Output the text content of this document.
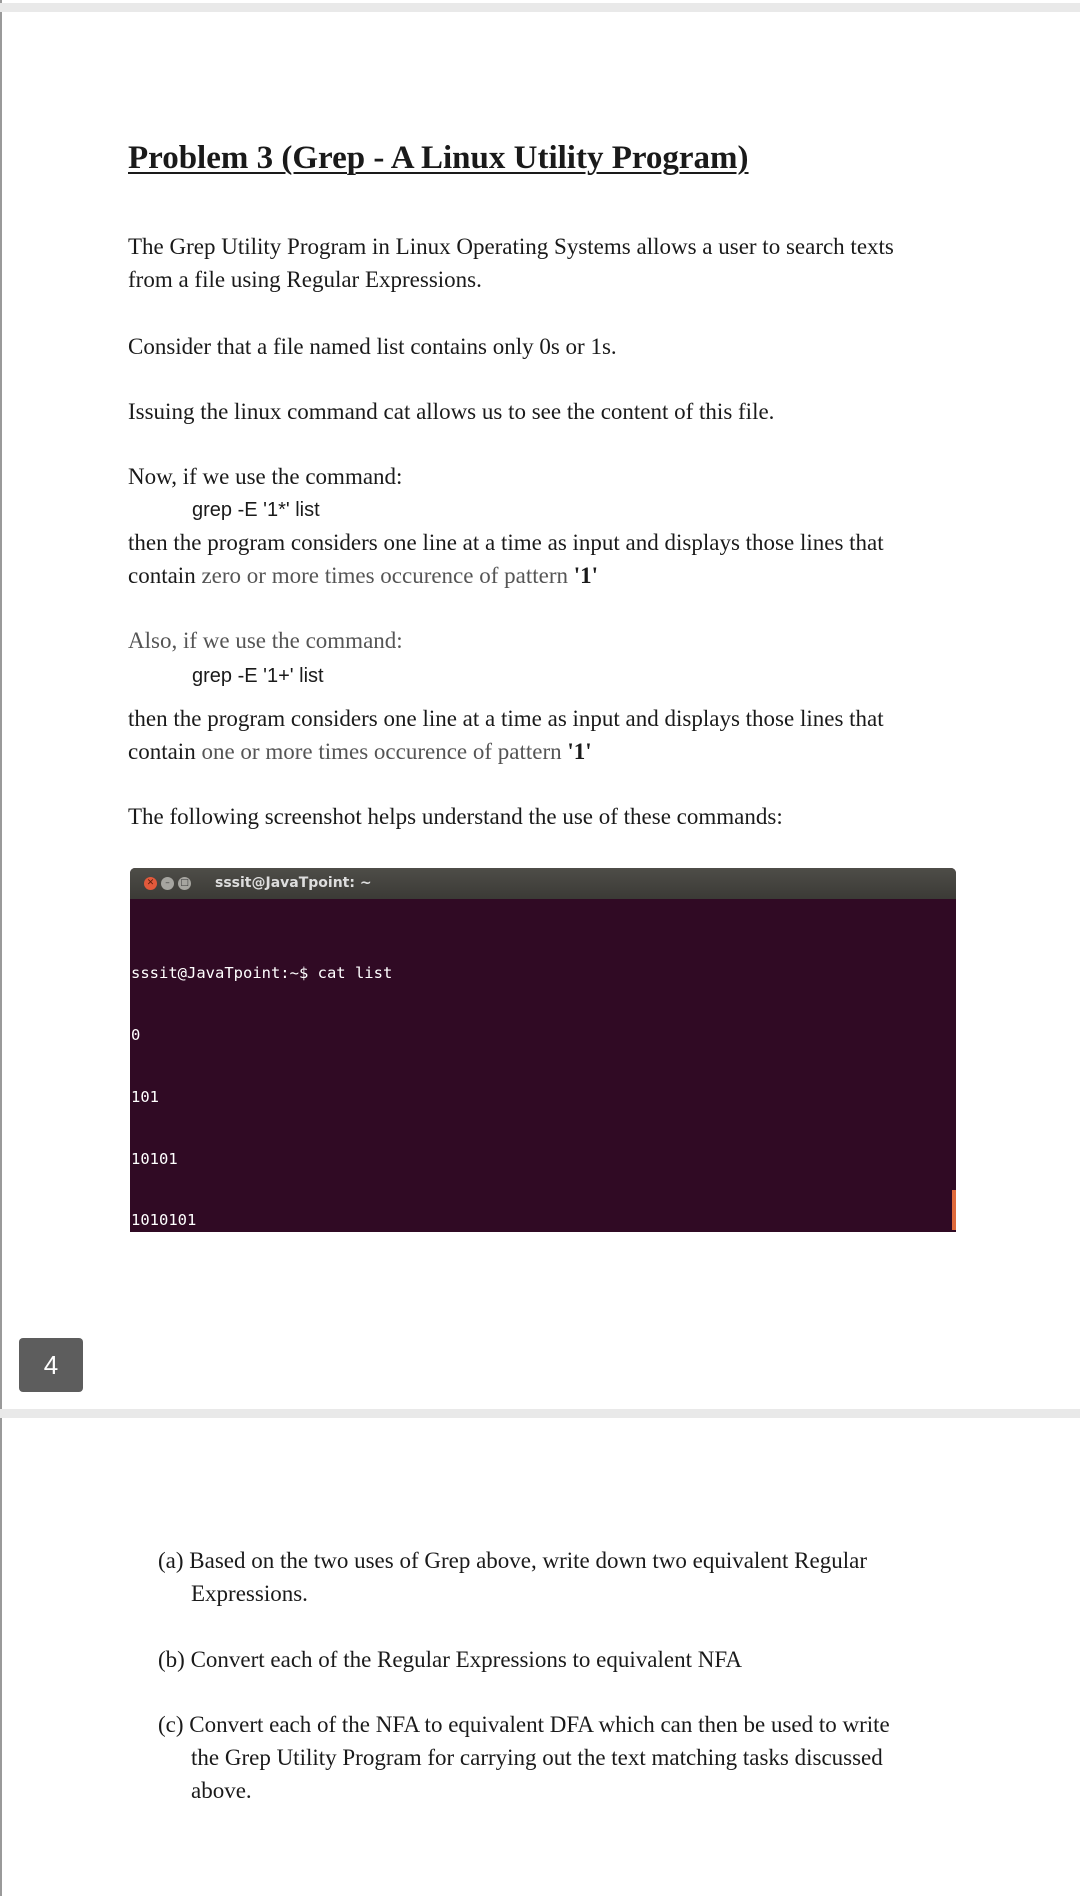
Problem 3 (Grep - A Linux Utility Program)

The Grep Utility Program in Linux Operating Systems allows a user to search texts
from a file using Regular Expressions.

Consider that a file named list contains only 0s or 1s.

Issuing the linux command cat allows us to see the content of this file.

Now, if we use the command:

grep -E '1*' list

then the program considers one line at a time as input and displays those lines that
contain zero or more times occurence of pattern '1'

Also, if we use the command:

grep -E '1+' list

then the program considers one line at a time as input and displays those lines that
contain one or more times occurence of pattern '1'

The following screenshot helps understand the use of these commands:

✕	–	□ sssit@JavaTpoint: ~

sssit@JavaTpoint:~$ cat list

0

101

10101

1010101

4

(a) Based on the two uses of Grep above, write down two equivalent Regular
Expressions.

(b) Convert each of the Regular Expressions to equivalent NFA

(c) Convert each of the NFA to equivalent DFA which can then be used to write
the Grep Utility Program for carrying out the text matching tasks discussed
above.
